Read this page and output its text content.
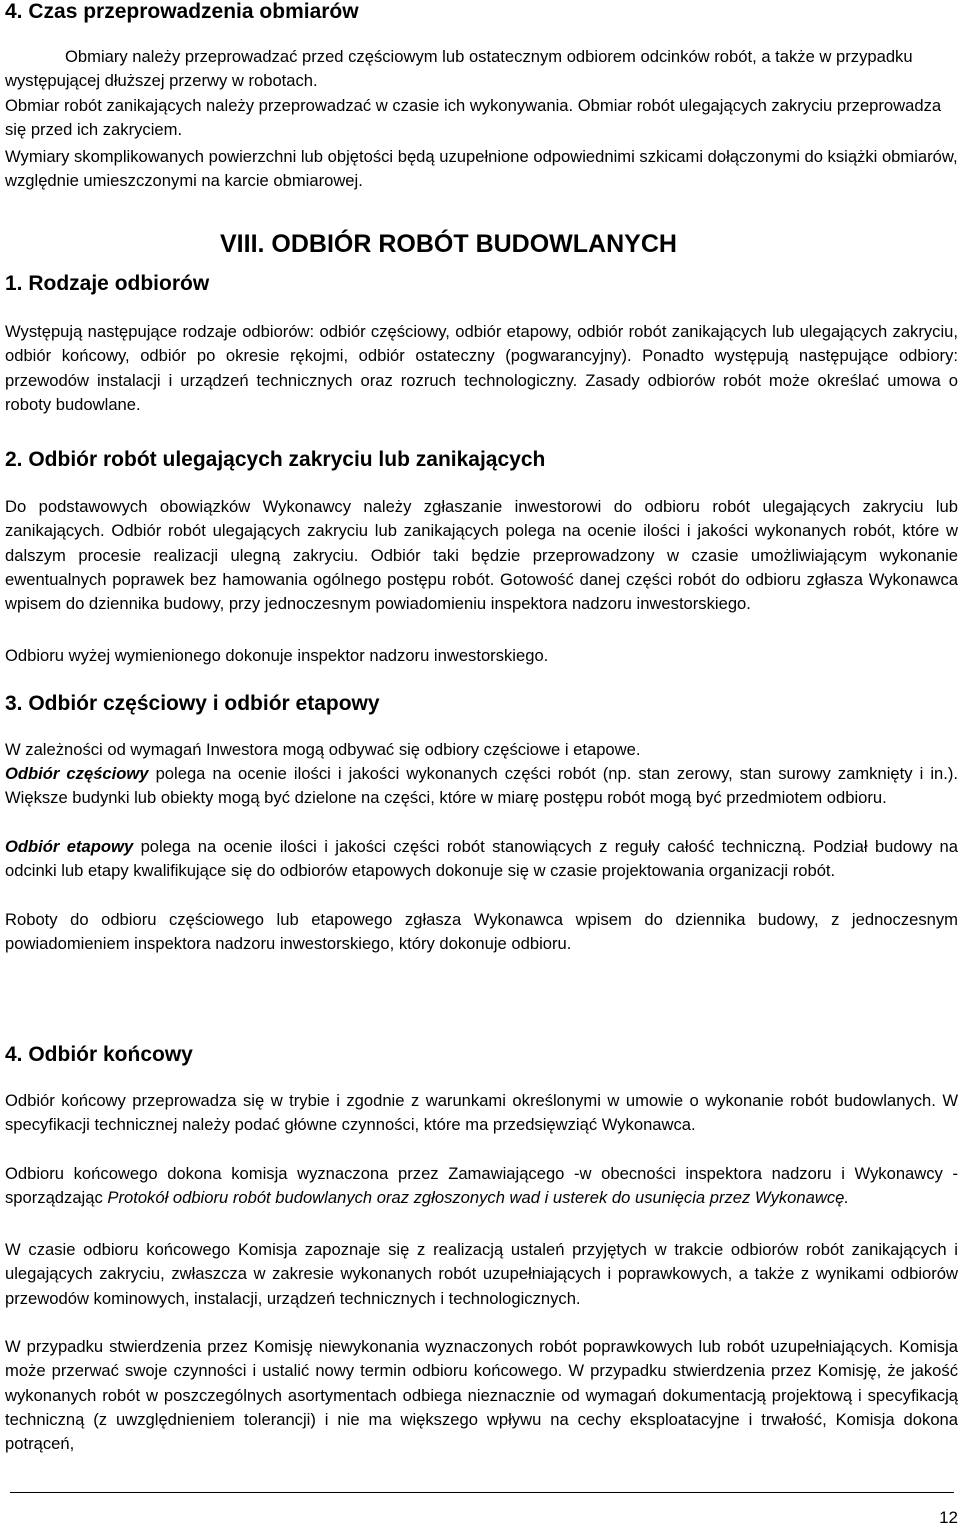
4. Czas przeprowadzenia obmiarów

Obmiary należy przeprowadzać przed częściowym lub ostatecznym odbiorem odcinków robót, a także w przypadku występującej dłuższej przerwy w robotach.

Obmiar robót zanikających należy przeprowadzać w czasie ich wykonywania. Obmiar robót ulegających zakryciu przeprowadza się przed ich zakryciem.

Wymiary skomplikowanych powierzchni lub objętości będą uzupełnione odpowiednimi szkicami dołączonymi do książki obmiarów, względnie umieszczonymi na karcie obmiarowej.

VIII. ODBIÓR ROBÓT BUDOWLANYCH
1. Rodzaje odbiorów

Występują następujące rodzaje odbiorów: odbiór częściowy, odbiór etapowy, odbiór robót zanikających lub ulegających zakryciu, odbiór końcowy, odbiór po okresie rękojmi, odbiór ostateczny (pogwarancyjny). Ponadto występują następujące odbiory: przewodów instalacji i urządzeń technicznych oraz rozruch technologiczny. Zasady odbiorów robót może określać umowa o roboty budowlane.

2. Odbiór robót ulegających zakryciu lub zanikających

Do podstawowych obowiązków Wykonawcy należy zgłaszanie inwestorowi do odbioru robót ulegających zakryciu lub zanikających. Odbiór robót ulegających zakryciu lub zanikających polega na ocenie ilości i jakości wykonanych robót, które w dalszym procesie realizacji ulegną zakryciu. Odbiór taki będzie przeprowadzony w czasie umożliwiającym wykonanie ewentualnych poprawek bez hamowania ogólnego postępu robót. Gotowość danej części robót do odbioru zgłasza Wykonawca wpisem do dziennika budowy, przy jednoczesnym powiadomieniu inspektora nadzoru inwestorskiego.

Odbioru wyżej wymienionego dokonuje inspektor nadzoru inwestorskiego.

3. Odbiór częściowy i odbiór etapowy

W zależności od wymagań Inwestora mogą odbywać się odbiory częściowe i etapowe.

Odbiór częściowy polega na ocenie ilości i jakości wykonanych części robót (np. stan zerowy, stan surowy zamknięty i in.). Większe budynki lub obiekty mogą być dzielone na części, które w miarę postępu robót mogą być przedmiotem odbioru.

Odbiór etapowy polega na ocenie ilości i jakości części robót stanowiących z reguły całość techniczną. Podział budowy na odcinki lub etapy kwalifikujące się do odbiorów etapowych dokonuje się w czasie projektowania organizacji robót.

Roboty do odbioru częściowego lub etapowego zgłasza Wykonawca wpisem do dziennika budowy, z jednoczesnym powiadomieniem inspektora nadzoru inwestorskiego, który dokonuje odbioru.

4. Odbiór końcowy

Odbiór końcowy przeprowadza się w trybie i zgodnie z warunkami określonymi w umowie o wykonanie robót budowlanych. W specyfikacji technicznej należy podać główne czynności, które ma przedsięwziąć Wykonawca.

Odbioru końcowego dokona komisja wyznaczona przez Zamawiającego -w obecności inspektora nadzoru i Wykonawcy - sporządzając Protokół odbioru robót budowlanych oraz zgłoszonych wad i usterek do usunięcia przez Wykonawcę.

W czasie odbioru końcowego Komisja zapoznaje się z realizacją ustaleń przyjętych w trakcie odbiorów robót zanikających i ulegających zakryciu, zwłaszcza w zakresie wykonanych robót uzupełniających i poprawkowych, a także z wynikami odbiorów przewodów kominowych, instalacji, urządzeń technicznych i technologicznych.

W przypadku stwierdzenia przez Komisję niewykonania wyznaczonych robót poprawkowych lub robót uzupełniających. Komisja może przerwać swoje czynności i ustalić nowy termin odbioru końcowego. W przypadku stwierdzenia przez Komisję, że jakość wykonanych robót w poszczególnych asortymentach odbiega nieznacznie od wymagań dokumentacją projektową i specyfikacją techniczną (z uwzględnieniem tolerancji) i nie ma większego wpływu na cechy eksploatacyjne i trwałość, Komisja dokona potrąceń,

12
